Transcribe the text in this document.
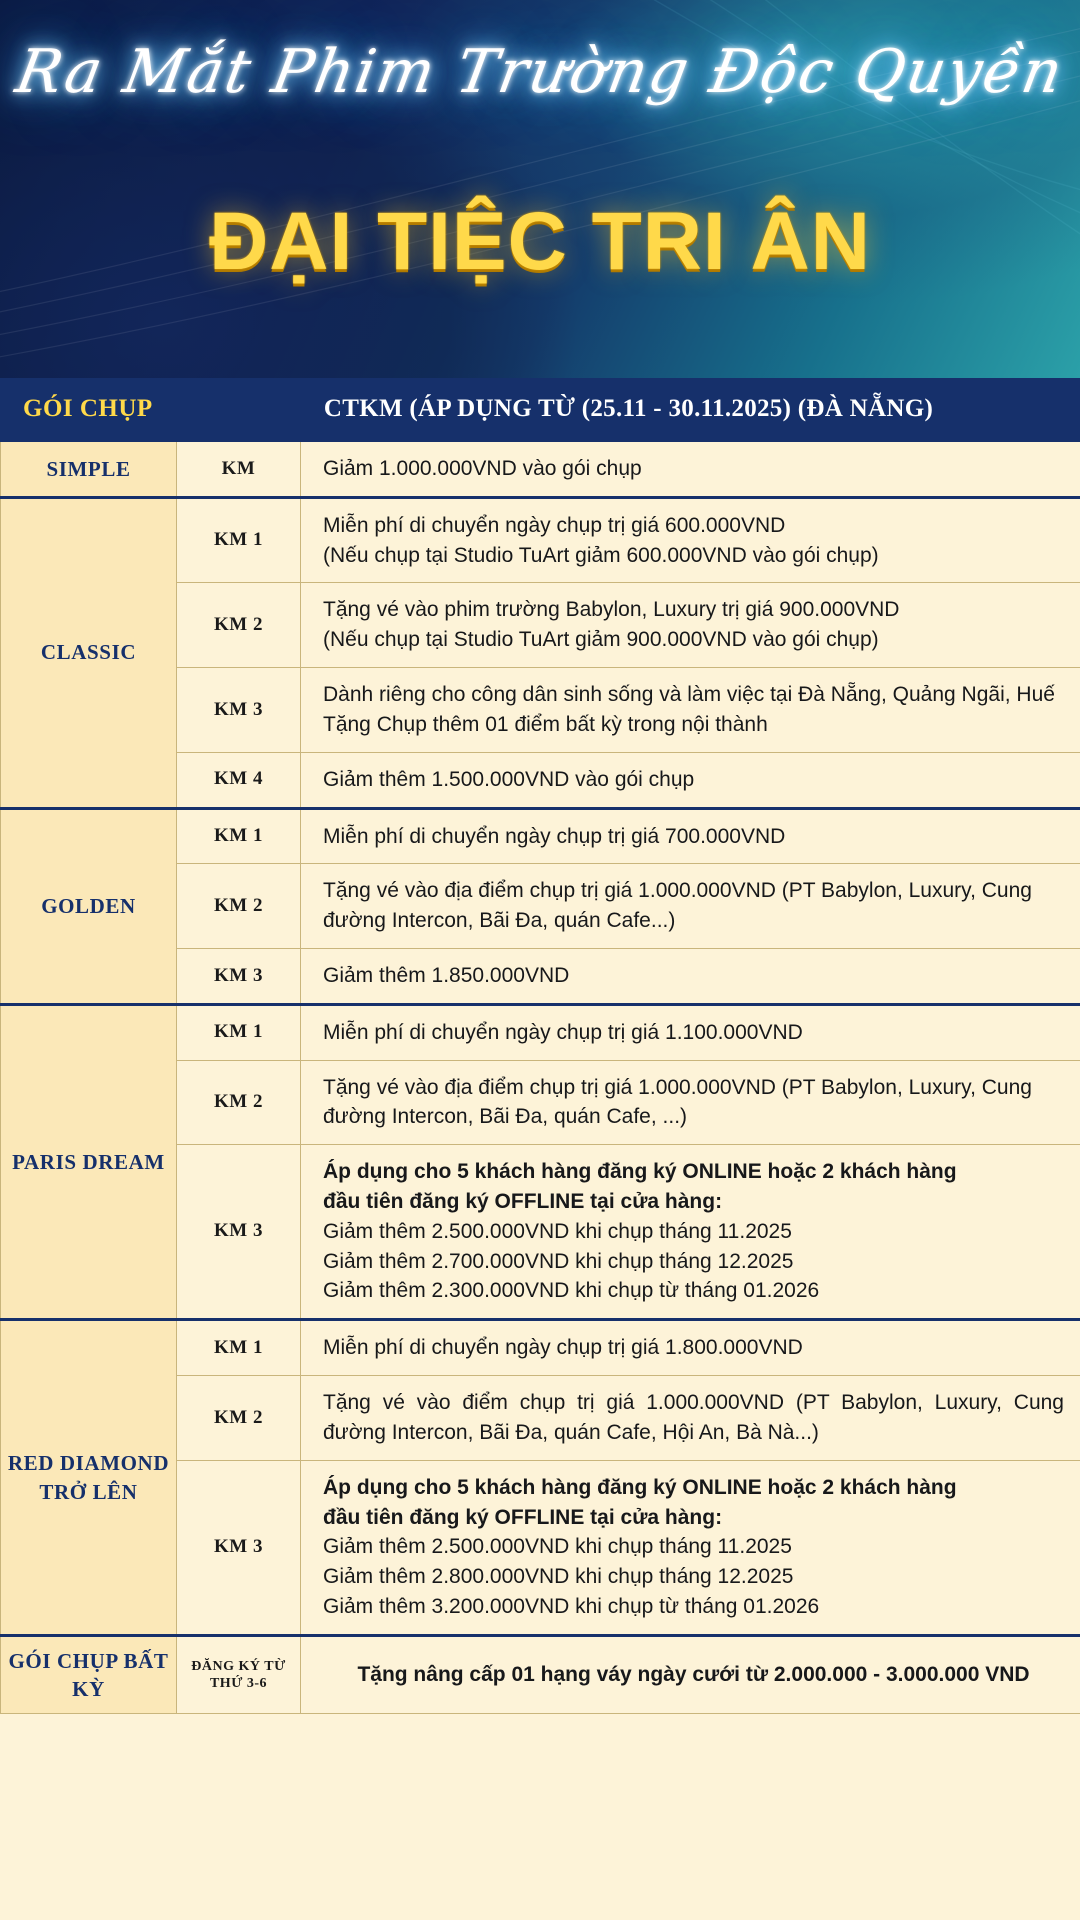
Ra Mắt Phim Trường Độc Quyền
ĐẠI TIỆC TRI ÂN
GÓI CHỤP	CTKM (ÁP DỤNG TỪ (25.11 - 30.11.2025) (ĐÀ NẴNG)	
SIMPLE	KM	Giảm 1.000.000VND vào gói chụp

CLASSIC	KM 1	Miễn phí di chuyển ngày chụp trị giá 600.000VND
(Nếu chụp tại Studio TuArt giảm 600.000VND vào gói chụp)

	KM 2	Tặng vé vào phim trường Babylon, Luxury trị giá 900.000VND
(Nếu chụp tại Studio TuArt giảm 900.000VND vào gói chụp)

	KM 3	Dành riêng cho công dân sinh sống và làm việc tại Đà Nẵng, Quảng Ngãi, Huế
Tặng Chụp thêm 01 điểm bất kỳ trong nội thành

	KM 4	Giảm thêm 1.500.000VND vào gói chụp

GOLDEN	KM 1	Miễn phí di chuyển ngày chụp trị giá 700.000VND

	KM 2	Tặng vé vào địa điểm chụp trị giá 1.000.000VND (PT Babylon, Luxury, Cung đường Intercon, Bãi Đa, quán Cafe...)

	KM 3	Giảm thêm 1.850.000VND

PARIS DREAM	KM 1	Miễn phí di chuyển ngày chụp trị giá 1.100.000VND

	KM 2	Tặng vé vào địa điểm chụp trị giá 1.000.000VND (PT Babylon, Luxury, Cung đường Intercon, Bãi Đa, quán Cafe, ...)

	KM 3	Áp dụng cho 5 khách hàng đăng ký ONLINE hoặc 2 khách hàng
đầu tiên đăng ký OFFLINE tại cửa hàng:
Giảm thêm 2.500.000VND khi chụp tháng 11.2025
Giảm thêm 2.700.000VND khi chụp tháng 12.2025
Giảm thêm 2.300.000VND khi chụp từ tháng 01.2026

RED DIAMOND TRỞ LÊN	KM 1	Miễn phí di chuyển ngày chụp trị giá 1.800.000VND

	KM 2	Tặng vé vào điểm chụp trị giá 1.000.000VND (PT Babylon, Luxury, Cung đường Intercon, Bãi Đa, quán Cafe, Hội An, Bà Nà...)
	KM 3	Áp dụng cho 5 khách hàng đăng ký ONLINE hoặc 2 khách hàng
đầu tiên đăng ký OFFLINE tại cửa hàng:
Giảm thêm 2.500.000VND khi chụp tháng 11.2025
Giảm thêm 2.800.000VND khi chụp tháng 12.2025
Giảm thêm 3.200.000VND khi chụp từ tháng 01.2026

GÓI CHỤP BẤT KỲ	ĐĂNG KÝ TỪ THỨ 3-6	Tặng nâng cấp 01 hạng váy ngày cưới từ 2.000.000 - 3.000.000 VND
